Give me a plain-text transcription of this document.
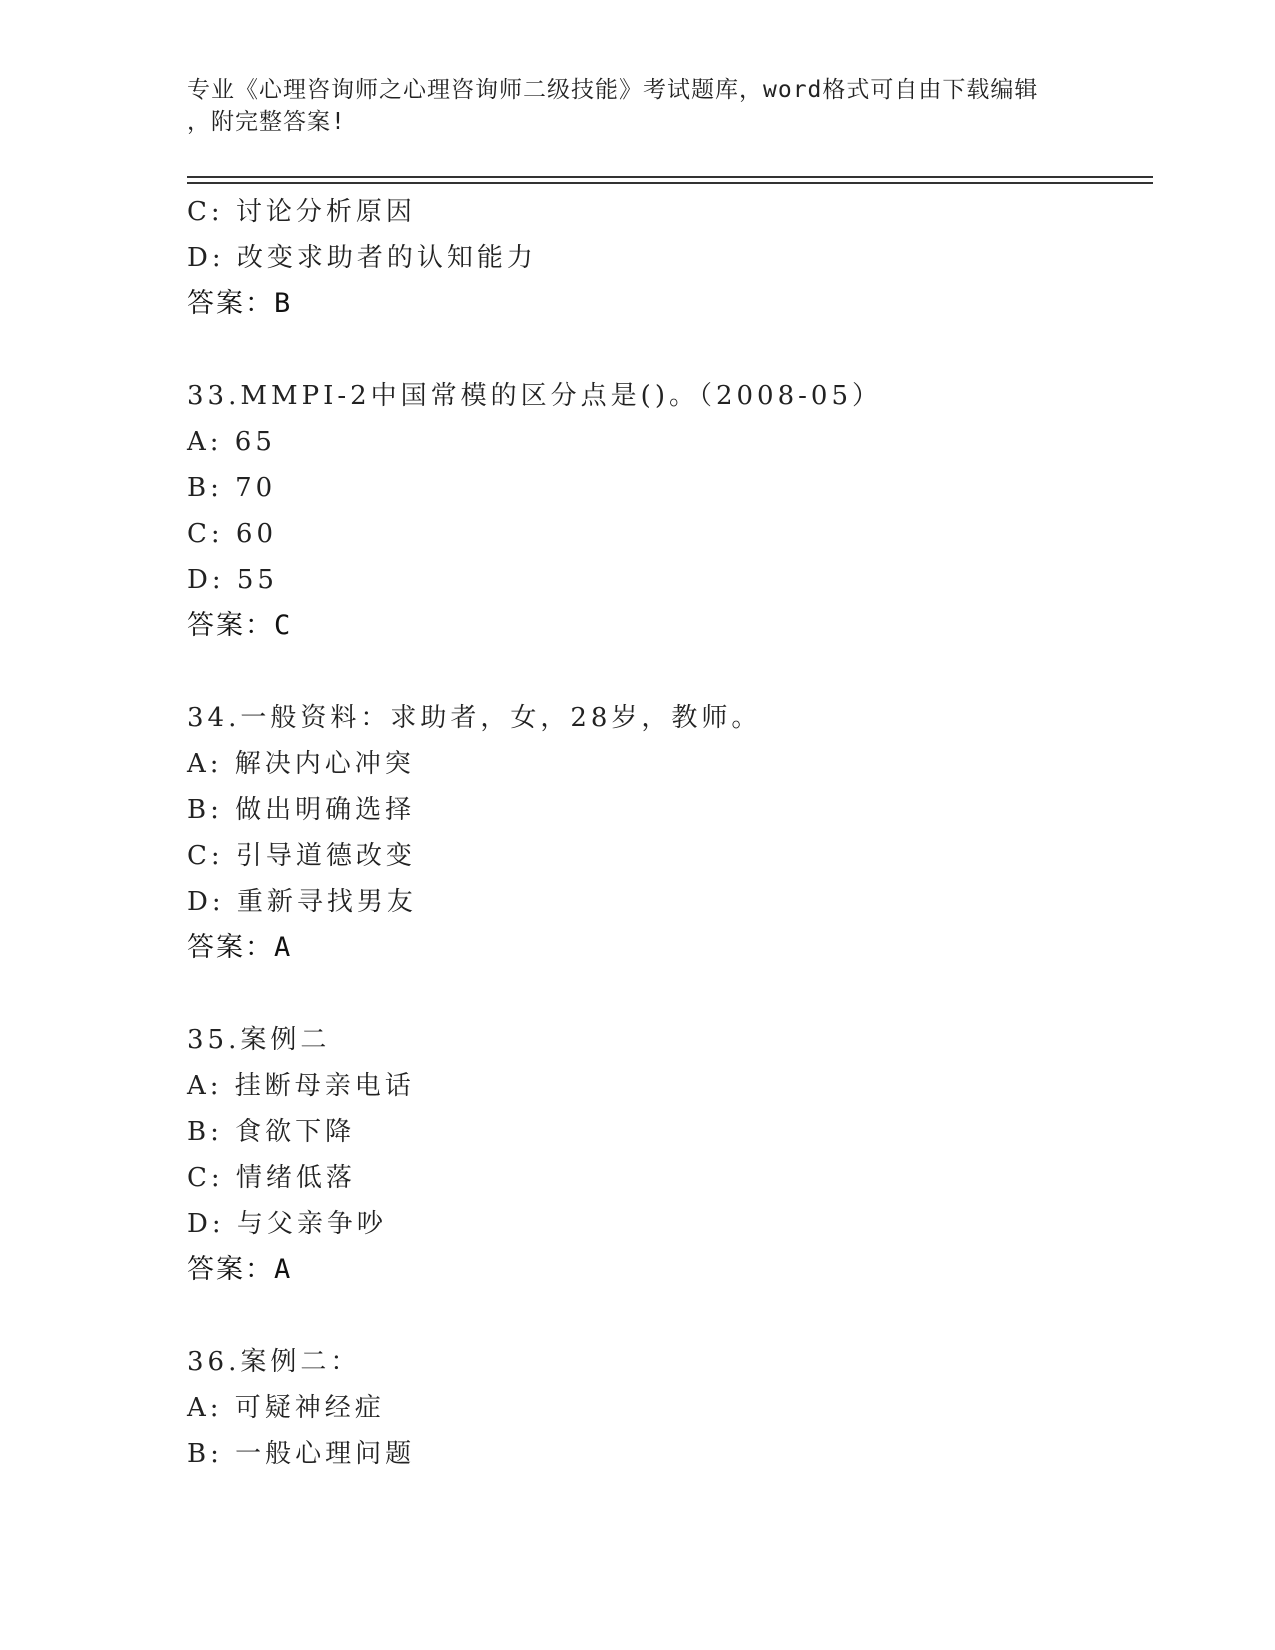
专业《心理咨询师之心理咨询师二级技能》考试题库，word格式可自由下载编辑
，附完整答案!
C: 讨论分析原因
D: 改变求助者的认知能力
答案：B
33.MMPI-2中国常模的区分点是()。（2008-05）
A: 65
B: 70
C: 60
D: 55
答案：C
34.一般资料：求助者，女，28岁，教师。
A: 解决内心冲突
B: 做出明确选择
C: 引导道德改变
D: 重新寻找男友
答案：A
35.案例二
A: 挂断母亲电话
B: 食欲下降
C: 情绪低落
D: 与父亲争吵
答案：A
36.案例二：
A: 可疑神经症
B: 一般心理问题
